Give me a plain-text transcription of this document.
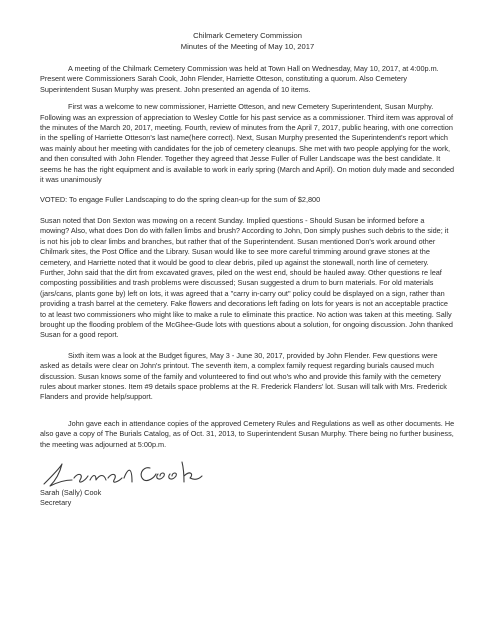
Chilmark Cemetery Commission
Minutes of the Meeting of May 10, 2017

A meeting of the Chilmark Cemetery Commission was held at Town Hall on Wednesday, May 10, 2017, at 4:00p.m. Present were Commissioners Sarah Cook, John Flender, Harriette Otteson, constituting a quorum. Also Cemetery Superintendent Susan Murphy was present. John presented an agenda of 10 items.

First was a welcome to new commissioner, Harriette Otteson, and new Cemetery Superintendent, Susan Murphy. Following was an expression of appreciation to Wesley Cottle for his past service as a commissioner. Third item was approval of the minutes of the March 20, 2017, meeting. Fourth, review of minutes from the April 7, 2017, public hearing, with one correction in the spelling of Harriette Otteson's last name(here correct). Next, Susan Murphy presented the Superintendent's report which was mainly about her meeting with candidates for the job of cemetery cleanups. She met with two people applying for the work, and then consulted with John Flender. Together they agreed that Jesse Fuller of Fuller Landscape was the best candidate. It seems he has the right equipment and is available to work in early spring (March and April). On motion duly made and seconded it was unanimously

VOTED: To engage Fuller Landscaping to do the spring clean-up for the sum of $2,800

Susan noted that Don Sexton was mowing on a recent Sunday. Implied questions - Should Susan be informed before a mowing? Also, what does Don do with fallen limbs and brush? According to John, Don simply pushes such debris to the side; it is not his job to clear limbs and branches, but rather that of the Superintendent. Susan mentioned Don's work around other Chilmark sites, the Post Office and the Library. Susan would like to see more careful trimming around grave stones at the cemetery, and Harriette noted that it would be good to clear debris, piled up against the stonewall, north line of cemetery. Further, John said that the dirt from excavated graves, piled on the west end, should be hauled away. Other questions re leaf composting possibilities and trash problems were discussed; Susan suggested a drum to burn materials. For old materials (jars/cans, plants gone by) left on lots, it was agreed that a "carry in-carry out" policy could be displayed on a sign, rather than providing a trash barrel at the cemetery. Fake flowers and decorations left fading on lots for years is not an acceptable practice to at least two commissioners who might like to make a rule to eliminate this practice. No action was taken at this meeting. Sally brought up the flooding problem of the McGhee-Gude lots with questions about a solution, for ongoing discussion. John thanked Susan for a good report.

Sixth item was a look at the Budget figures, May 3 - June 30, 2017, provided by John Flender. Few questions were asked as details were clear on John's printout. The seventh item, a complex family request regarding burials caused much discussion. Susan knows some of the family and volunteered to find out who's who and provide this family with the cemetery rules about marker stones. Item #9 details space problems at the R. Frederick Flanders' lot. Susan will talk with Mrs. Frederick Flanders and provide help/support.

John gave each in attendance copies of the approved Cemetery Rules and Regulations as well as other documents. He also gave a copy of The Burials Catalog, as of Oct. 31, 2013, to Superintendent Susan Murphy. There being no further business, the meeting was adjourned at 5:00p.m.

Sarah (Sally) Cook
Secretary
